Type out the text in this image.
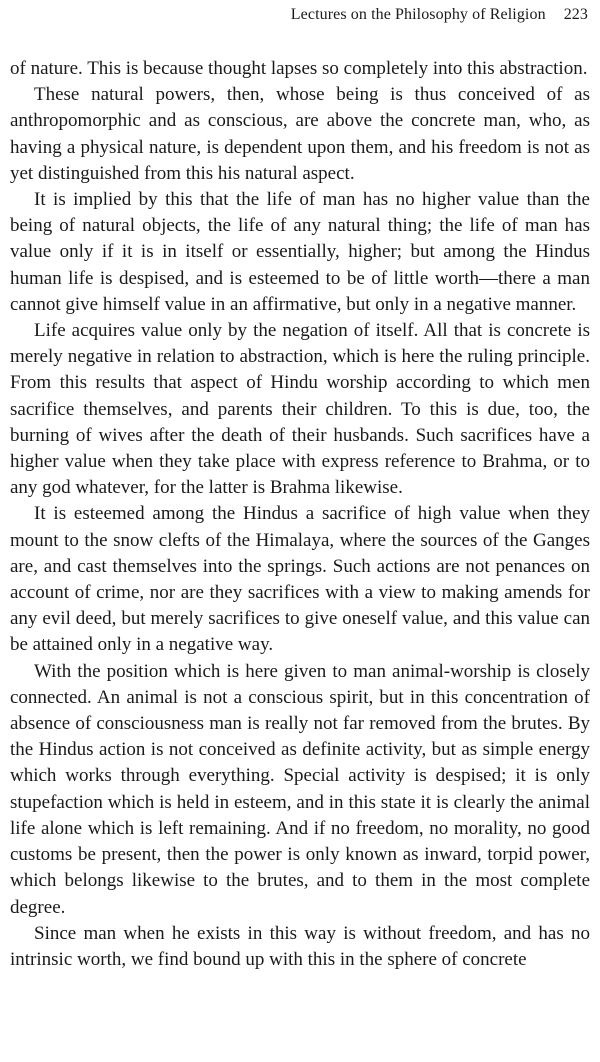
Lectures on the Philosophy of Religion 223

of nature. This is because thought lapses so completely into this abstraction.

These natural powers, then, whose being is thus conceived of as anthropomorphic and as conscious, are above the concrete man, who, as having a physical nature, is dependent upon them, and his freedom is not as yet distinguished from this his natural aspect.

It is implied by this that the life of man has no higher value than the being of natural objects, the life of any natural thing; the life of man has value only if it is in itself or essentially, higher; but among the Hindus human life is despised, and is esteemed to be of little worth—there a man cannot give himself value in an affirmative, but only in a negative manner.

Life acquires value only by the negation of itself. All that is concrete is merely negative in relation to abstraction, which is here the ruling principle. From this results that aspect of Hindu worship according to which men sacrifice themselves, and parents their children. To this is due, too, the burning of wives after the death of their husbands. Such sacrifices have a higher value when they take place with express reference to Brahma, or to any god whatever, for the latter is Brahma likewise.

It is esteemed among the Hindus a sacrifice of high value when they mount to the snow clefts of the Himalaya, where the sources of the Ganges are, and cast themselves into the springs. Such actions are not penances on account of crime, nor are they sacrifices with a view to making amends for any evil deed, but merely sacrifices to give oneself value, and this value can be attained only in a negative way.

With the position which is here given to man animal-worship is closely connected. An animal is not a conscious spirit, but in this concentration of absence of consciousness man is really not far removed from the brutes. By the Hindus action is not conceived as definite activity, but as simple energy which works through everything. Special activity is despised; it is only stupefaction which is held in esteem, and in this state it is clearly the animal life alone which is left remaining. And if no freedom, no morality, no good customs be present, then the power is only known as inward, torpid power, which belongs likewise to the brutes, and to them in the most complete degree.

Since man when he exists in this way is without freedom, and has no intrinsic worth, we find bound up with this in the sphere of concrete
